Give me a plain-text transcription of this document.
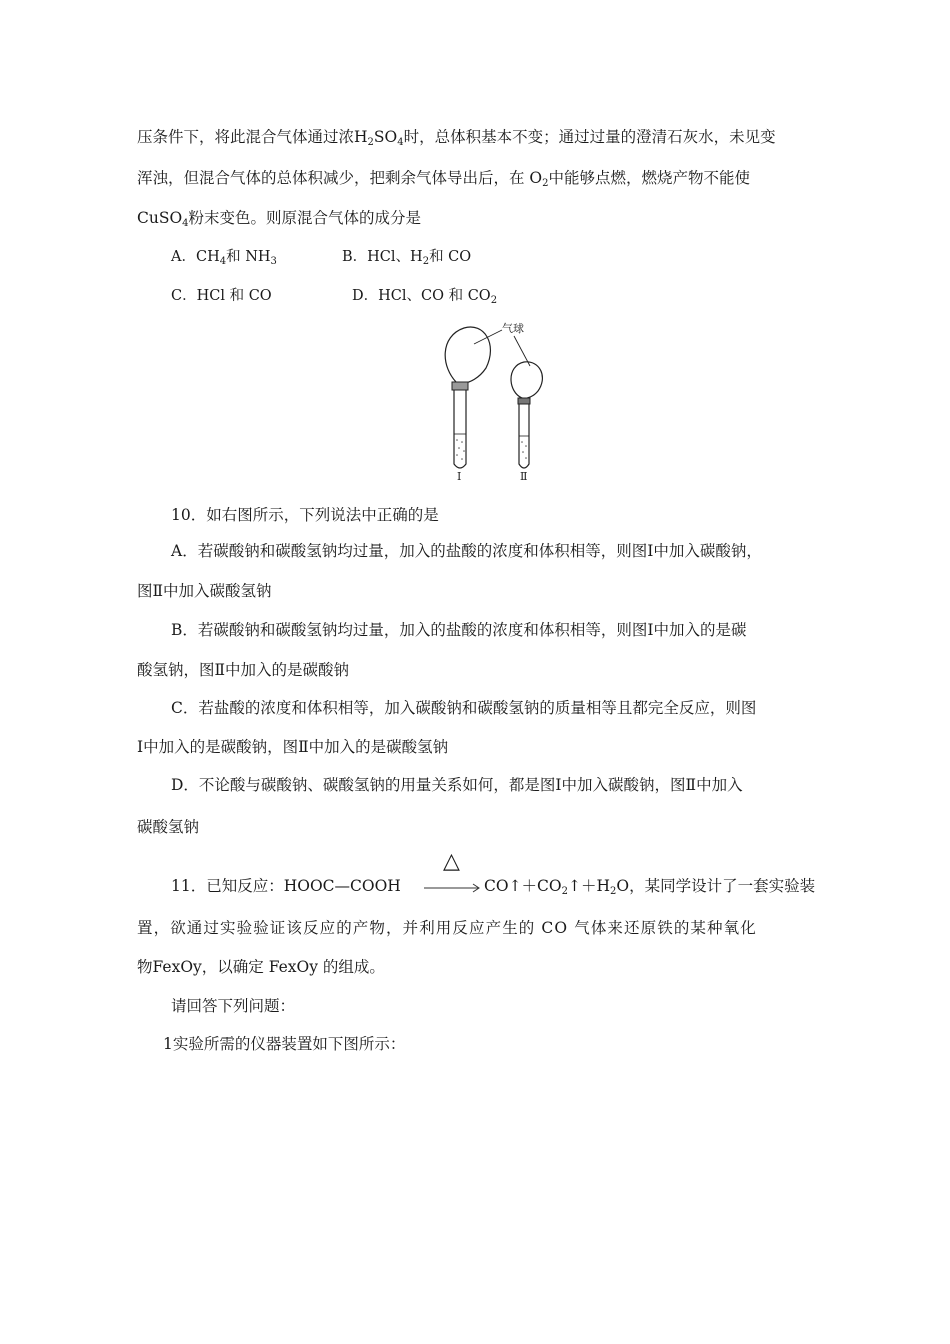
压条件下，将此混合气体通过浓$H_2SO_4$时，总体积基本不变；通过过量的澄清石灰水，未见变
浑浊，但混合气体的总体积减少，把剩余气体导出后，在 $O_2$中能够点燃，燃烧产物不能使
CuSO$_4$粉末变色。则原混合气体的成分是
A．$CH_4$和 $NH_3$	B．HCl、$H_2$和 CO
C．HCl 和 CO	D．HCl、CO 和 $CO_2$
气球
Ⅰ	Ⅱ
10．如右图所示，下列说法中正确的是
A．若碳酸钠和碳酸氢钠均过量，加入的盐酸的浓度和体积相等，则图Ⅰ中加入碳酸钠，
图Ⅱ中加入碳酸氢钠
B．若碳酸钠和碳酸氢钠均过量，加入的盐酸的浓度和体积相等，则图Ⅰ中加入的是碳
酸氢钠，图Ⅱ中加入的是碳酸钠
C．若盐酸的浓度和体积相等，加入碳酸钠和碳酸氢钠的质量相等且都完全反应，则图
Ⅰ中加入的是碳酸钠，图Ⅱ中加入的是碳酸氢钠
D．不论酸与碳酸钠、碳酸氢钠的用量关系如何，都是图Ⅰ中加入碳酸钠，图Ⅱ中加入
碳酸氢钠
△
11．已知反应：HOOC—COOH → $CO↑+CO_2↑+H_2O$，某同学设计了一套实验装
置，欲通过实验验证该反应的产物，并利用反应产生的 CO 气体来还原铁的某种氧化
物FexOy，以确定 FexOy 的组成。
请回答下列问题：
1实验所需的仪器装置如下图所示：
